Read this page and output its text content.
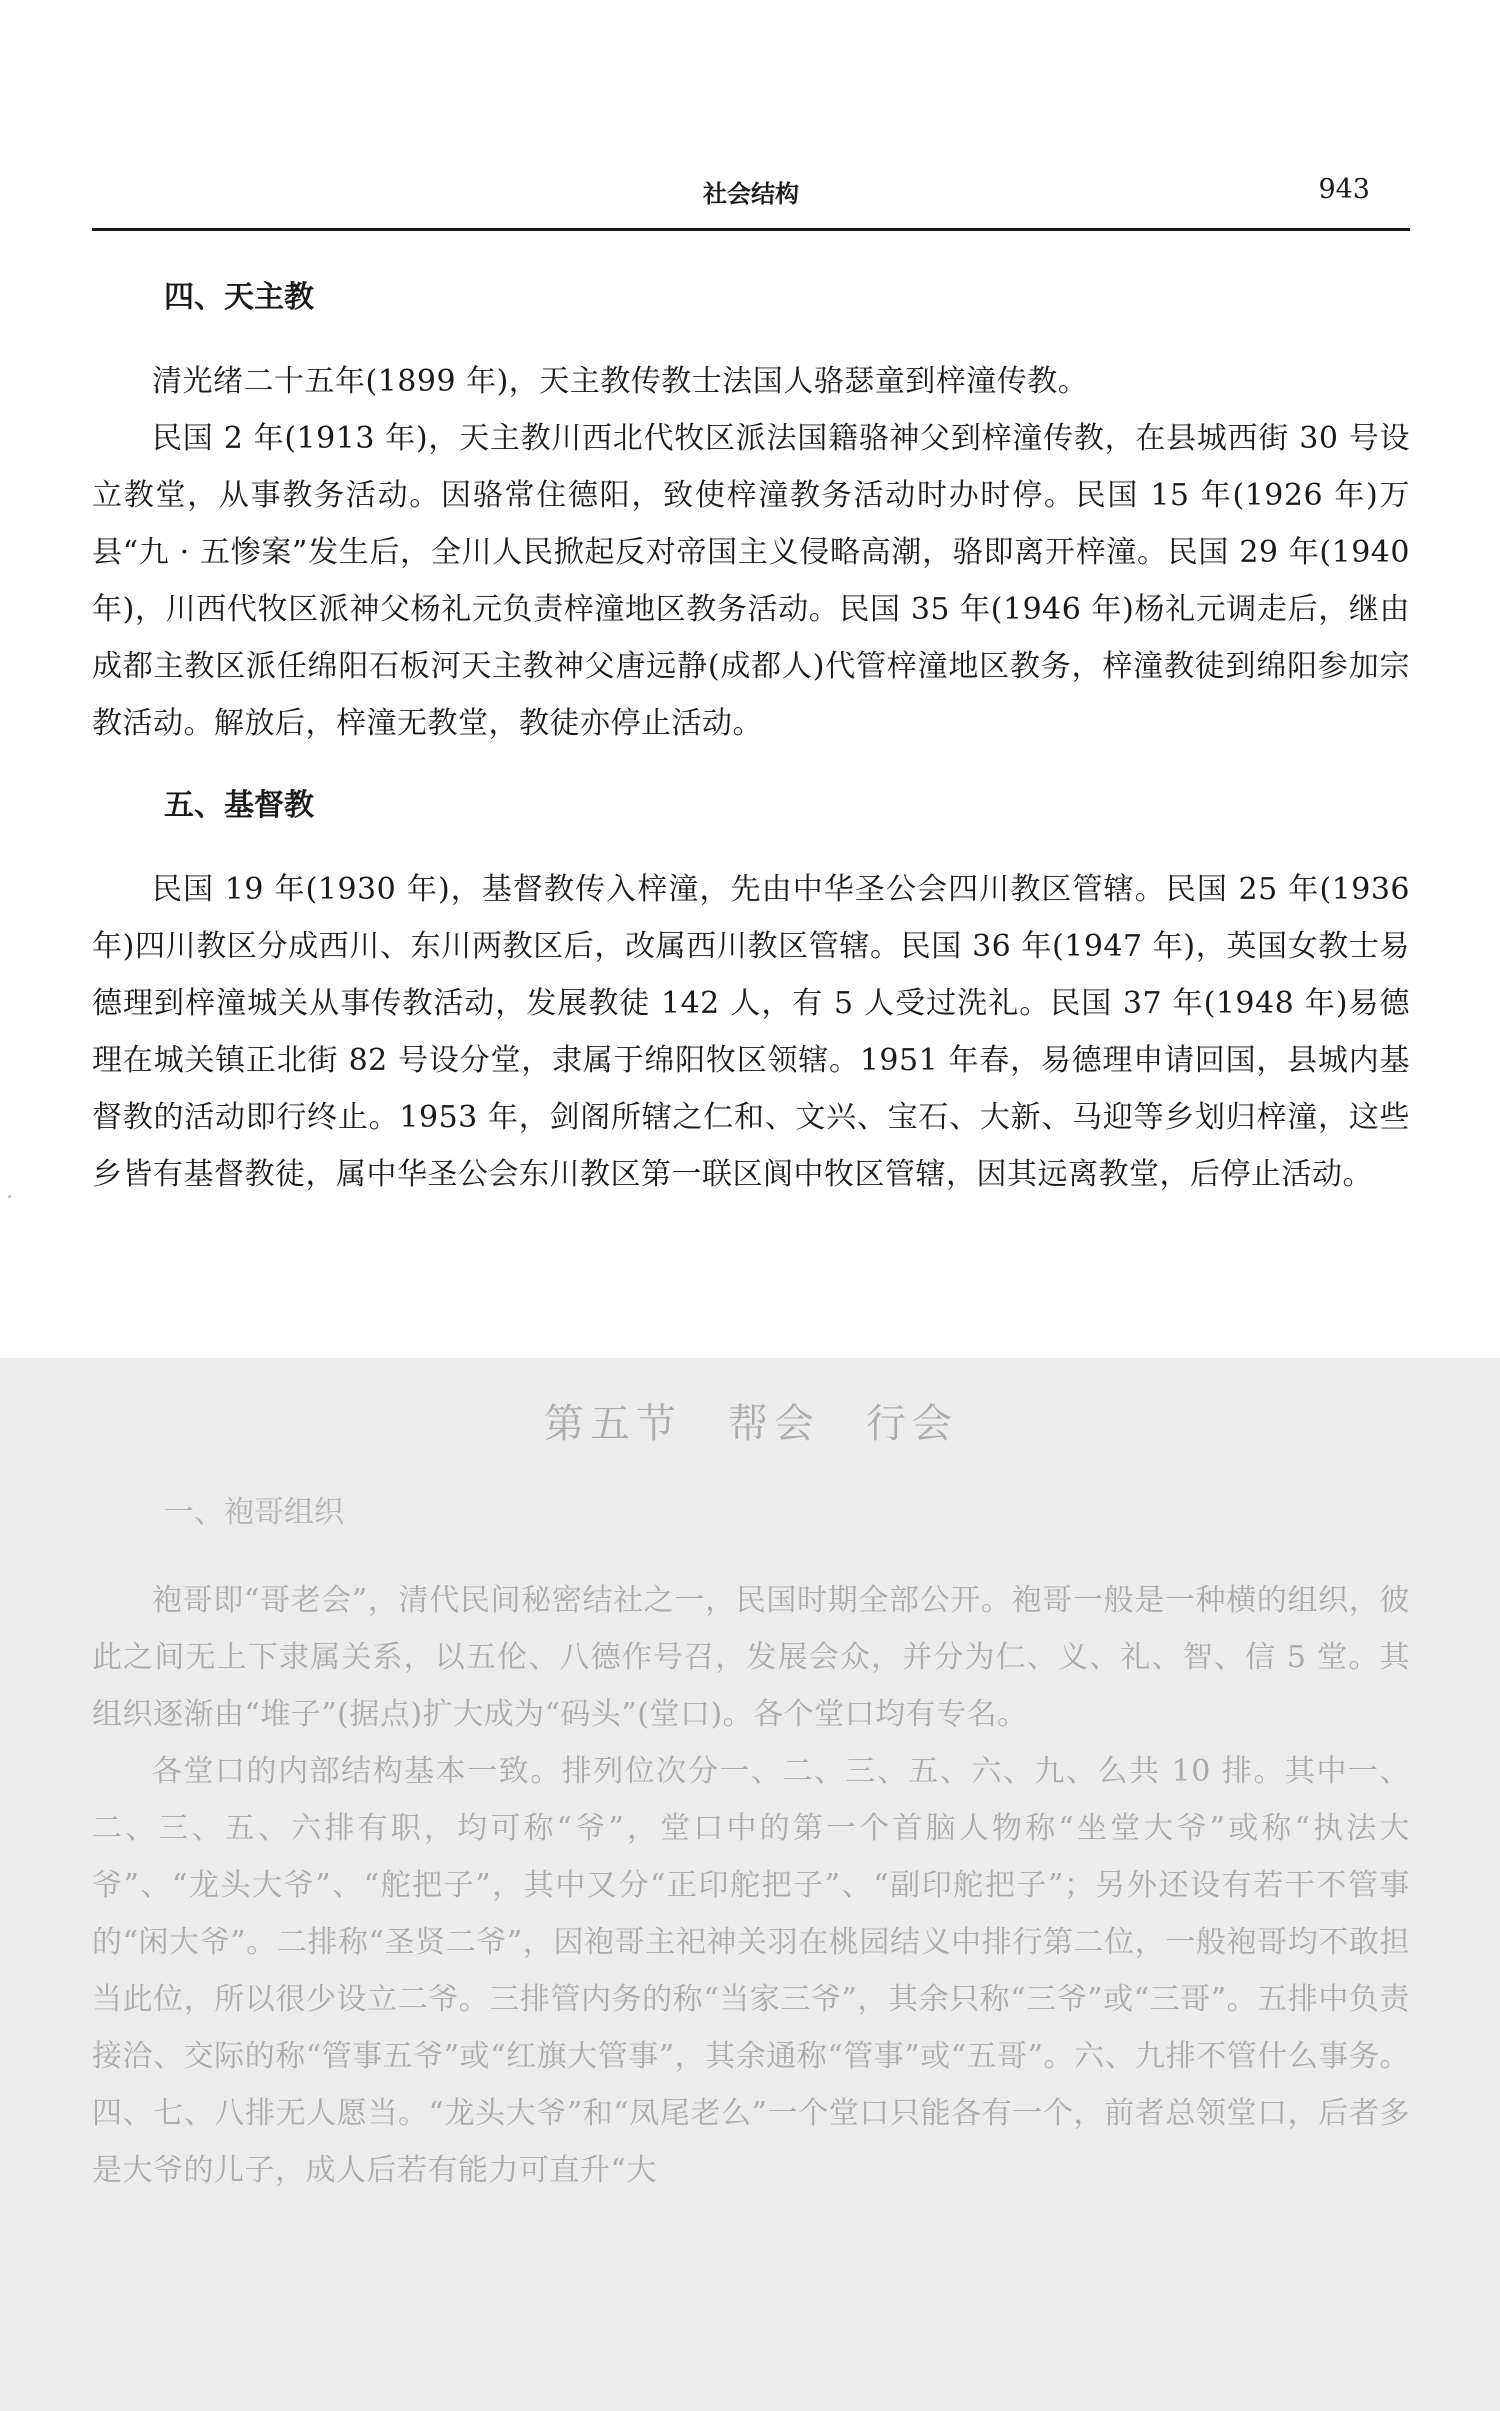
社会结构	943
四、天主教

清光绪二十五年(1899 年)，天主教传教士法国人骆瑟童到梓潼传教。

民国 2 年(1913 年)，天主教川西北代牧区派法国籍骆神父到梓潼传教，在县城西街 30 号设立教堂，从事教务活动。因骆常住德阳，致使梓潼教务活动时办时停。民国 15 年(1926 年)万县“九 · 五惨案”发生后，全川人民掀起反对帝国主义侵略高潮，骆即离开梓潼。民国 29 年(1940 年)，川西代牧区派神父杨礼元负责梓潼地区教务活动。民国 35 年(1946 年)杨礼元调走后，继由成都主教区派任绵阳石板河天主教神父唐远静(成都人)代管梓潼地区教务，梓潼教徒到绵阳参加宗教活动。解放后，梓潼无教堂，教徒亦停止活动。

五、基督教

民国 19 年(1930 年)，基督教传入梓潼，先由中华圣公会四川教区管辖。民国 25 年(1936 年)四川教区分成西川、东川两教区后，改属西川教区管辖。民国 36 年(1947 年)，英国女教士易德理到梓潼城关从事传教活动，发展教徒 142 人，有 5 人受过洗礼。民国 37 年(1948 年)易德理在城关镇正北街 82 号设分堂，隶属于绵阳牧区领辖。1951 年春，易德理申请回国，县城内基督教的活动即行终止。1953 年，剑阁所辖之仁和、文兴、宝石、大新、马迎等乡划归梓潼，这些乡皆有基督教徒，属中华圣公会东川教区第一联区阆中牧区管辖，因其远离教堂，后停止活动。

第五节　帮会　行会
一、袍哥组织

袍哥即“哥老会”，清代民间秘密结社之一，民国时期全部公开。袍哥一般是一种横的组织，彼此之间无上下隶属关系，以五伦、八德作号召，发展会众，并分为仁、义、礼、智、信 5 堂。其组织逐渐由“堆子”(据点)扩大成为“码头”(堂口)。各个堂口均有专名。

各堂口的内部结构基本一致。排列位次分一、二、三、五、六、九、么共 10 排。其中一、二、三、五、六排有职，均可称“爷”，堂口中的第一个首脑人物称“坐堂大爷”或称“执法大爷”、“龙头大爷”、“舵把子”，其中又分“正印舵把子”、“副印舵把子”；另外还设有若干不管事的“闲大爷”。二排称“圣贤二爷”，因袍哥主祀神关羽在桃园结义中排行第二位，一般袍哥均不敢担当此位，所以很少设立二爷。三排管内务的称“当家三爷”，其余只称“三爷”或“三哥”。五排中负责接洽、交际的称“管事五爷”或“红旗大管事”，其余通称“管事”或“五哥”。六、九排不管什么事务。四、七、八排无人愿当。“龙头大爷”和“凤尾老么”一个堂口只能各有一个，前者总领堂口，后者多是大爷的儿子，成人后若有能力可直升“大
